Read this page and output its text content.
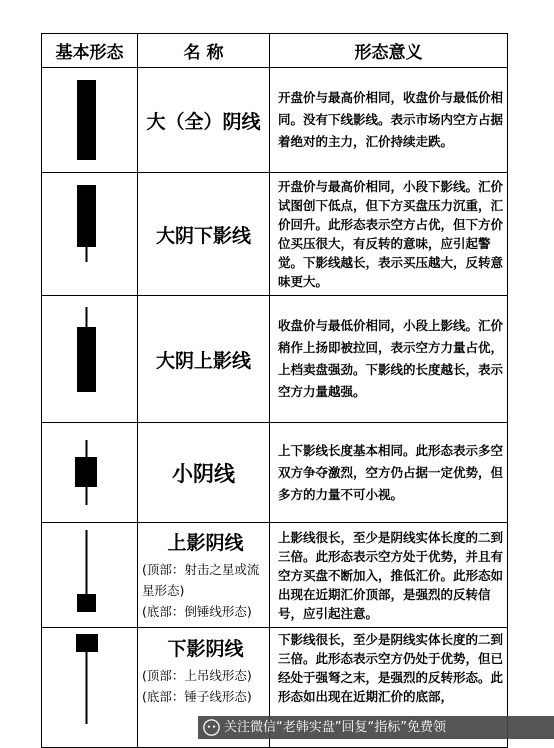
基本形态	名 称	形态意义

	大（全）阴线	开盘价与最高价相同，收盘价与最低价相同。没有下线影线。表示市场内空方占据着绝对的主力，汇价持续走跌。

	大阴下影线	开盘价与最高价相同，小段下影线。汇价试图创下低点，但下方买盘压力沉重，汇价回升。此形态表示空方占优，但下方价位买压很大，有反转的意味，应引起警觉。下影线越长，表示买压越大，反转意味更大。

	大阴上影线	收盘价与最低价相同，小段上影线。汇价稍作上扬即被拉回，表示空方力量占优，上档卖盘强劲。下影线的长度越长，表示空方力量越强。

	小阴线	上下影线长度基本相同。此形态表示多空双方争夺激烈，空方仍占据一定优势，但多方的力量不可小视。

上影阴线
(顶部：射击之星或流星形态)
(底部：倒锤线形态)	上影线很长，至少是阴线实体长度的二到三倍。此形态表示空方处于优势，并且有空方买盘不断加入，推低汇价。此形态如出现在近期汇价顶部，是强烈的反转信号，应引起注意。

下影阴线
(顶部：上吊线形态)
(底部：锤子线形态)	下影线很长，至少是阴线实体长度的二到三倍。此形态表示空方仍处于优势，但已经处于强弩之末，是强烈的反转形态。此形态如出现在近期汇价的底部，
关注微信“老韩实盘”回复“指标”免费领
